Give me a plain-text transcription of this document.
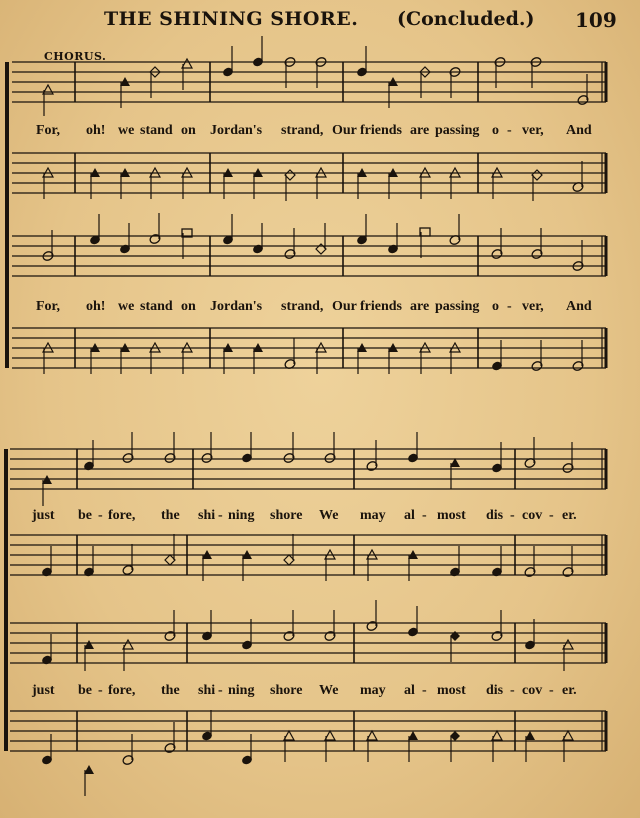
THE SHINING SHORE. (Concluded.) 109
CHORUS.
For, oh! we stand on Jordan's strand, Our friends are passing o - ver, And
For, oh! we stand on Jordan's strand, Our friends are passing o - ver, And
just be - fore, the shi - ning shore We may al - most dis - cov - er.
just be - fore, the shi - ning shore We may al - most dis - cov - er.
